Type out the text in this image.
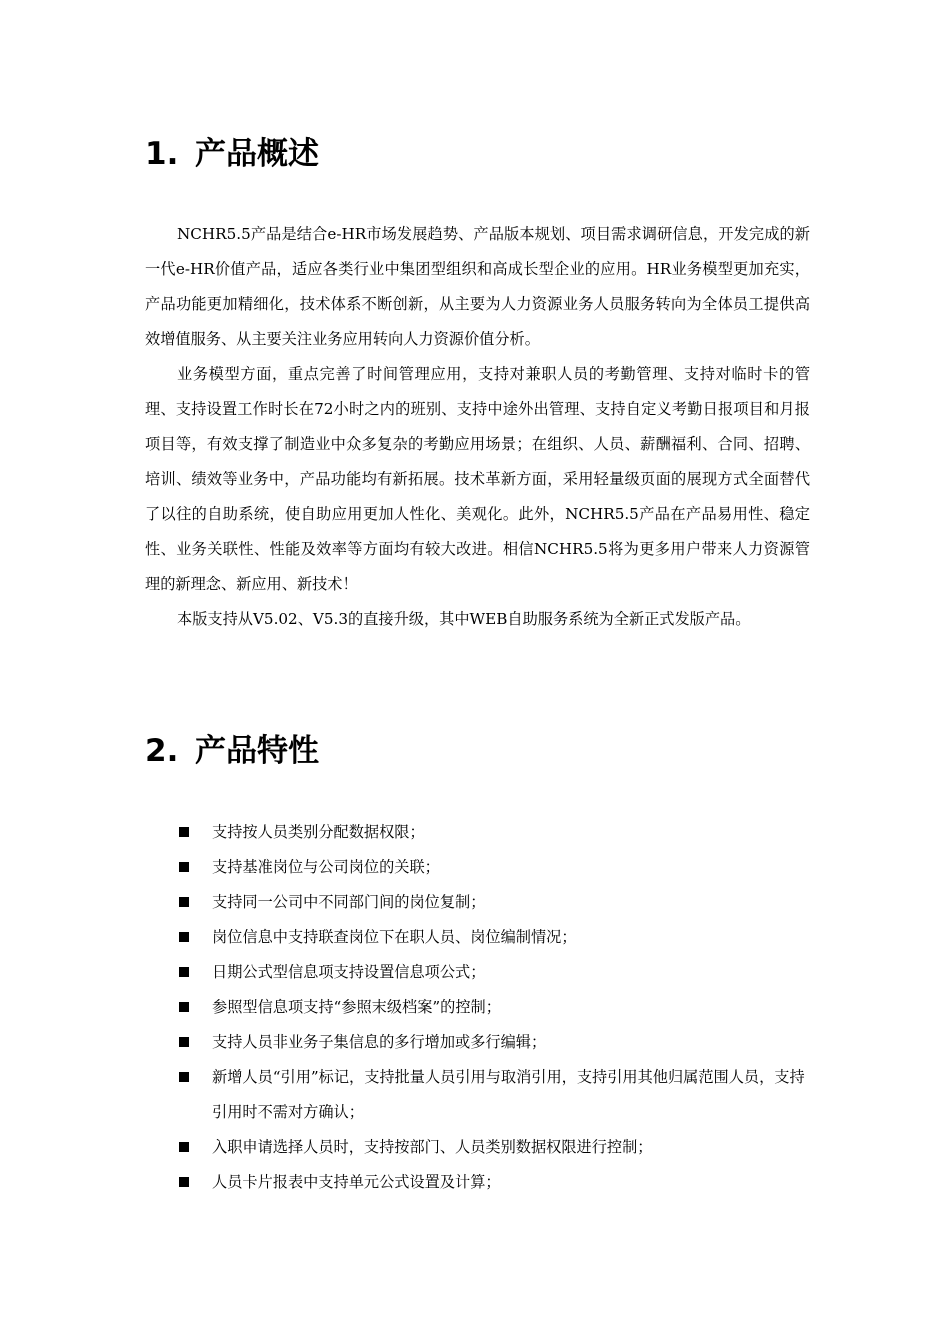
1. 产品概述

NCHR5.5产品是结合e-HR市场发展趋势、产品版本规划、项目需求调研信息，开发完成的新一代e-HR价值产品，适应各类行业中集团型组织和高成长型企业的应用。HR业务模型更加充实，产品功能更加精细化，技术体系不断创新，从主要为人力资源业务人员服务转向为全体员工提供高效增值服务、从主要关注业务应用转向人力资源价值分析。

业务模型方面，重点完善了时间管理应用，支持对兼职人员的考勤管理、支持对临时卡的管理、支持设置工作时长在72小时之内的班别、支持中途外出管理、支持自定义考勤日报项目和月报项目等，有效支撑了制造业中众多复杂的考勤应用场景；在组织、人员、薪酬福利、合同、招聘、培训、绩效等业务中，产品功能均有新拓展。技术革新方面，采用轻量级页面的展现方式全面替代了以往的自助系统，使自助应用更加人性化、美观化。此外，NCHR5.5产品在产品易用性、稳定性、业务关联性、性能及效率等方面均有较大改进。相信NCHR5.5将为更多用户带来人力资源管理的新理念、新应用、新技术！

本版支持从V5.02、V5.3的直接升级，其中WEB自助服务系统为全新正式发版产品。

2. 产品特性
支持按人员类别分配数据权限；
支持基准岗位与公司岗位的关联；
支持同一公司中不同部门间的岗位复制；
岗位信息中支持联查岗位下在职人员、岗位编制情况；
日期公式型信息项支持设置信息项公式；
参照型信息项支持“参照末级档案”的控制；
支持人员非业务子集信息的多行增加或多行编辑；
新增人员“引用”标记，支持批量人员引用与取消引用，支持引用其他归属范围人员，支持引用时不需对方确认；
入职申请选择人员时，支持按部门、人员类别数据权限进行控制；
人员卡片报表中支持单元公式设置及计算；
